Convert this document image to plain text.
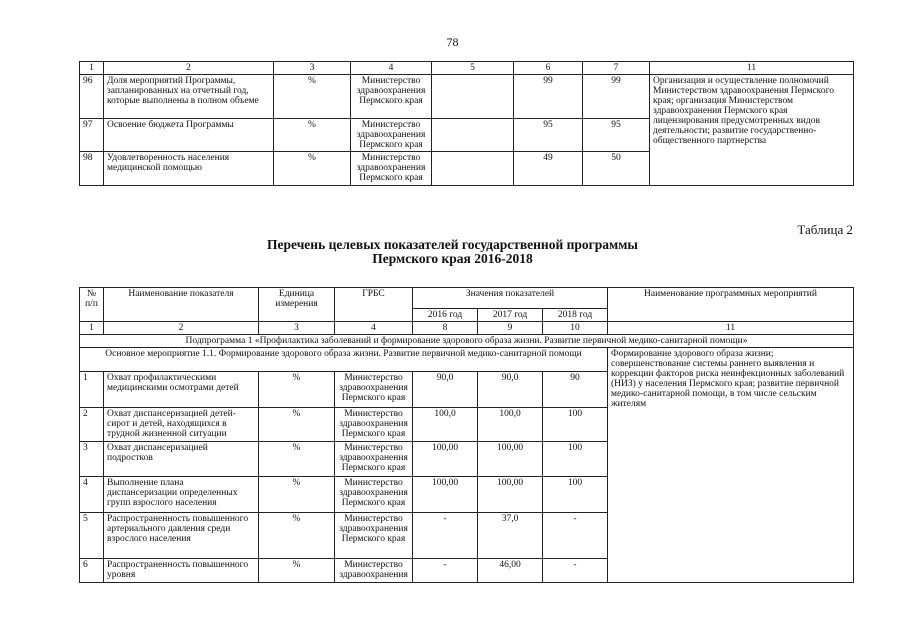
78
1	2	3	4	5	6	7	11
96	Доля мероприятий Программы, запланированных на отчетный год, которые выполнены в полном объеме	%	Министерство здравоохранения Пермского края		99	99	Организация и осуществление полномочий Министерством здравоохранения Пермского края; организация Министерством здравоохранения Пермского края лицензирования предусмотренных видов деятельности; развитие государственно-общественного партнерства
97	Освоение бюджета Программы	%	Министерство здравоохранения Пермского края		95	95	
98	Удовлетворенность населения медицинской помощью	%	Министерство здравоохранения Пермского края		49	50	
Таблица 2
Перечень целевых показателей государственной программы
Пермского края 2016-2018
№ п/п	Наименование показателя	Единица измерения	ГРБС	Значения показателей			Наименование программных мероприятий
				2016 год	2017 год	2018 год	
1	2	3	4	8	9	10	11
Подпрограмма 1 «Профилактика заболеваний и формирование здорового образа жизни. Развитие первичной медико-санитарной помощи»							
Основное мероприятие 1.1. Формирование здорового образа жизни. Развитие первичной медико-санитарной помощи							Формирование здорового образа жизни; совершенствование системы раннего выявления и коррекции факторов риска неинфекционных заболеваний (НИЗ) у населения Пермского края; развитие первичной медико-санитарной помощи, в том числе сельским жителям
1	Охват профилактическими медицинскими осмотрами детей	%	Министерство здравоохранения Пермского края	90,0	90,0	90	
2	Охват диспансеризацией детей-сирот и детей, находящихся в трудной жизненной ситуации	%	Министерство здравоохранения Пермского края	100,0	100,0	100	
3	Охват диспансеризацией подростков	%	Министерство здравоохранения Пермского края	100,00	100,00	100	
4	Выполнение плана диспансеризации определенных групп взрослого населения	%	Министерство здравоохранения Пермского края	100,00	100,00	100	
5	Распространенность повышенного артериального давления среди взрослого населения	%	Министерство здравоохранения Пермского края	-	37,0	-	
6	Распространенность повышенного уровня	%	Министерство здравоохранения	-	46,00	-	
